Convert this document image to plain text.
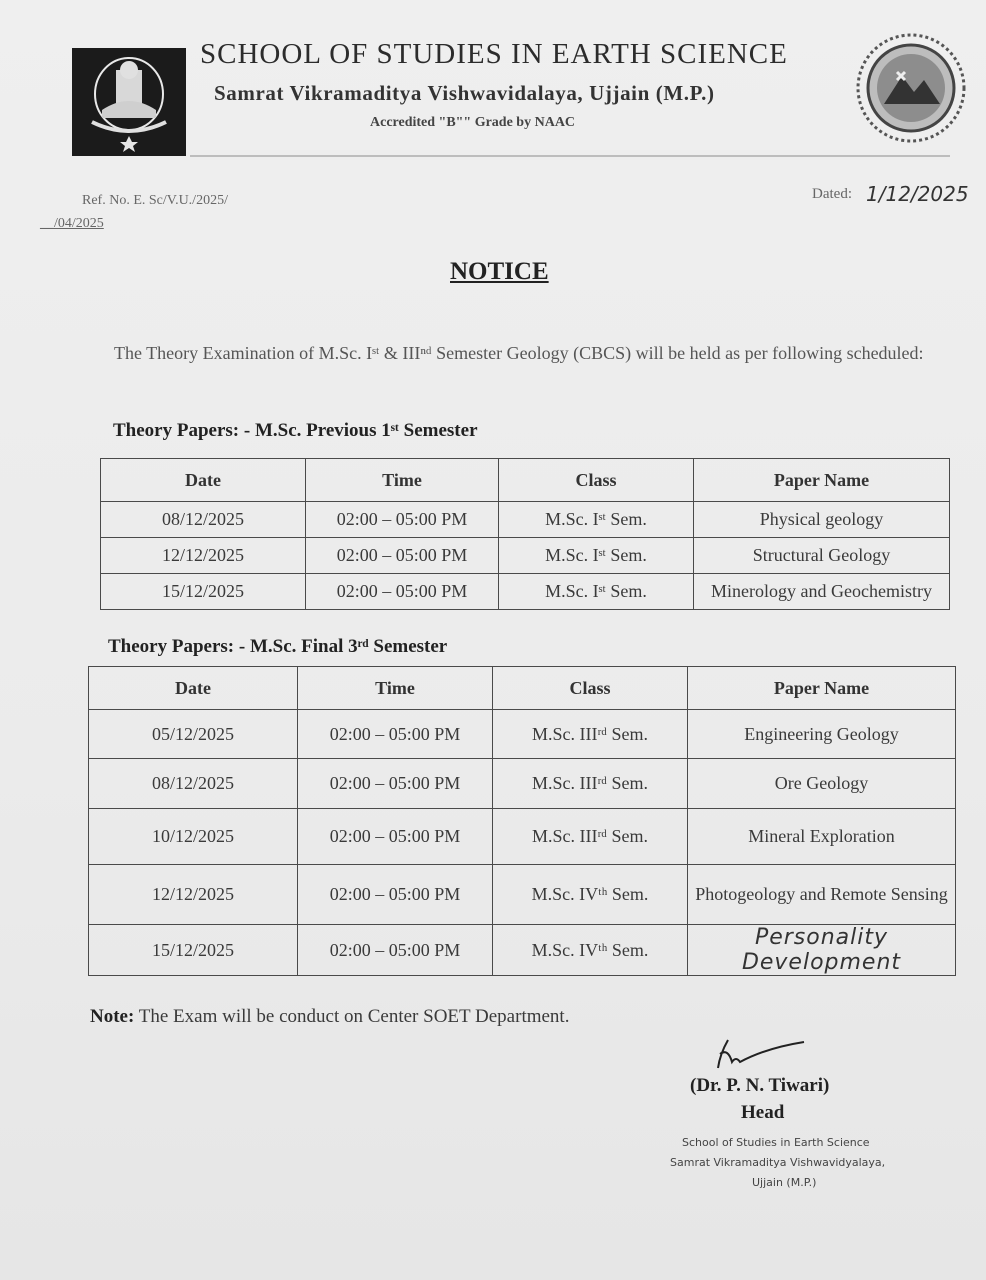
SCHOOL OF STUDIES IN EARTH SCIENCE
Samrat Vikramaditya Vishwavidalaya, Ujjain (M.P.)
Accredited "B"" Grade by NAAC
Ref. No. E. Sc/V.U./2025/
__/04/2025
Dated: 1/12/2025
NOTICE
The Theory Examination of M.Sc. Iˢᵗ & IIIⁿᵈ Semester Geology (CBCS) will be held as per following scheduled:
Theory Papers: - M.Sc. Previous 1ˢᵗ Semester
Date	Time	Class	Paper Name
08/12/2025	02:00 – 05:00 PM	M.Sc. Iˢᵗ Sem.	Physical geology
12/12/2025	02:00 – 05:00 PM	M.Sc. Iˢᵗ Sem.	Structural Geology
15/12/2025	02:00 – 05:00 PM	M.Sc. Iˢᵗ Sem.	Minerology and Geochemistry
Theory Papers: - M.Sc. Final 3ʳᵈ Semester
Date	Time	Class	Paper Name
05/12/2025	02:00 – 05:00 PM	M.Sc. IIIʳᵈ Sem.	Engineering Geology
08/12/2025	02:00 – 05:00 PM	M.Sc. IIIʳᵈ Sem.	Ore Geology
10/12/2025	02:00 – 05:00 PM	M.Sc. IIIʳᵈ Sem.	Mineral Exploration
12/12/2025	02:00 – 05:00 PM	M.Sc. IVᵗʰ Sem.	Photogeology and Remote Sensing
15/12/2025	02:00 – 05:00 PM	M.Sc. IVᵗʰ Sem.	Personality Development
Note: The Exam will be conduct on Center SOET Department.
(Dr. P. N. Tiwari)
Head
School of Studies in Earth Science
Samrat Vikramaditya Vishwavidyalaya,
Ujjain (M.P.)
